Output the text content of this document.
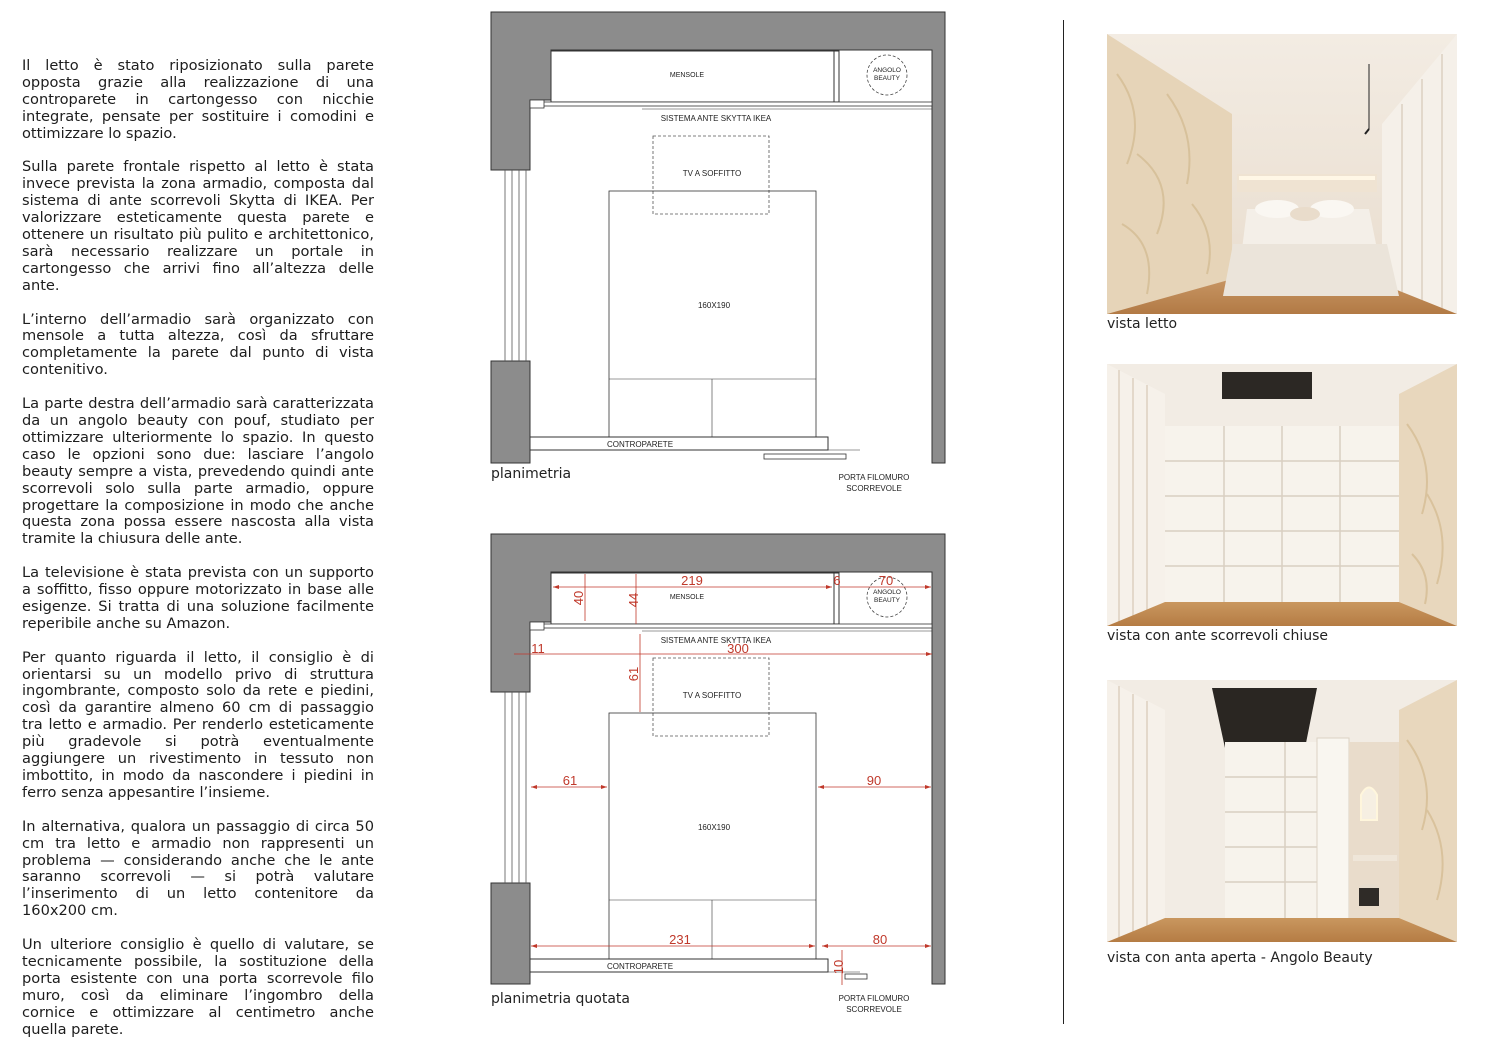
Il letto è stato riposizionato sulla parete opposta grazie alla realizzazione di una controparete in cartongesso con nicchie integrate, pensate per sostituire i comodini e ottimizzare lo spazio.

Sulla parete frontale rispetto al letto è stata invece prevista la zona armadio, composta dal sistema di ante scorrevoli Skytta di IKEA. Per valorizzare esteticamente questa parete e ottenere un risultato più pulito e architettonico, sarà necessario realizzare un portale in cartongesso che arrivi fino all’altezza delle ante.

L’interno dell’armadio sarà organizzato con mensole a tutta altezza, così da sfruttare completamente la parete dal punto di vista contenitivo.

La parte destra dell’armadio sarà caratterizzata da un angolo beauty con pouf, studiato per ottimizzare ulteriormente lo spazio. In questo caso le opzioni sono due: lasciare l’angolo beauty sempre a vista, prevedendo quindi ante scorrevoli solo sulla parte armadio, oppure progettare la composizione in modo che anche questa zona possa essere nascosta alla vista tramite la chiusura delle ante.

La televisione è stata prevista con un supporto a soffitto, fisso oppure motorizzato in base alle esigenze. Si tratta di una soluzione facilmente reperibile anche su Amazon.

Per quanto riguarda il letto, il consiglio è di orientarsi su un modello privo di struttura ingombrante, composto solo da rete e piedini, così da garantire almeno 60 cm di passaggio tra letto e armadio. Per renderlo esteticamente più gradevole si potrà eventualmente aggiungere un rivestimento in tessuto non imbottito, in modo da nascondere i piedini in ferro senza appesantire l’insieme.

In alternativa, qualora un passaggio di circa 50 cm tra letto e armadio non rappresenti un problema — considerando anche che le ante saranno scorrevoli — si potrà valutare l’inserimento di un letto contenitore da 160x200 cm.

Un ulteriore consiglio è quello di valutare, se tecnicamente possibile, la sostituzione della porta esistente con una porta scorrevole filo muro, così da eliminare l’ingombro della cornice e ottimizzare al centimetro anche quella parete.

MENSOLE
ANGOLO
BEAUTY
SISTEMA ANTE SKYTTA IKEA
TV A SOFFITTO
160X190
CONTROPARETE
PORTA FILOMURO
SCORREVOLE
planimetria
MENSOLE
ANGOLO
BEAUTY
SISTEMA ANTE SKYTTA IKEA
TV A SOFFITTO
160X190
CONTROPARETE
PORTA FILOMURO
SCORREVOLE
219	6	70
300
11
61	90
231	80
40	44
61
10
planimetria quotata
vista letto
vista con ante scorrevoli chiuse
vista con anta aperta - Angolo Beauty
